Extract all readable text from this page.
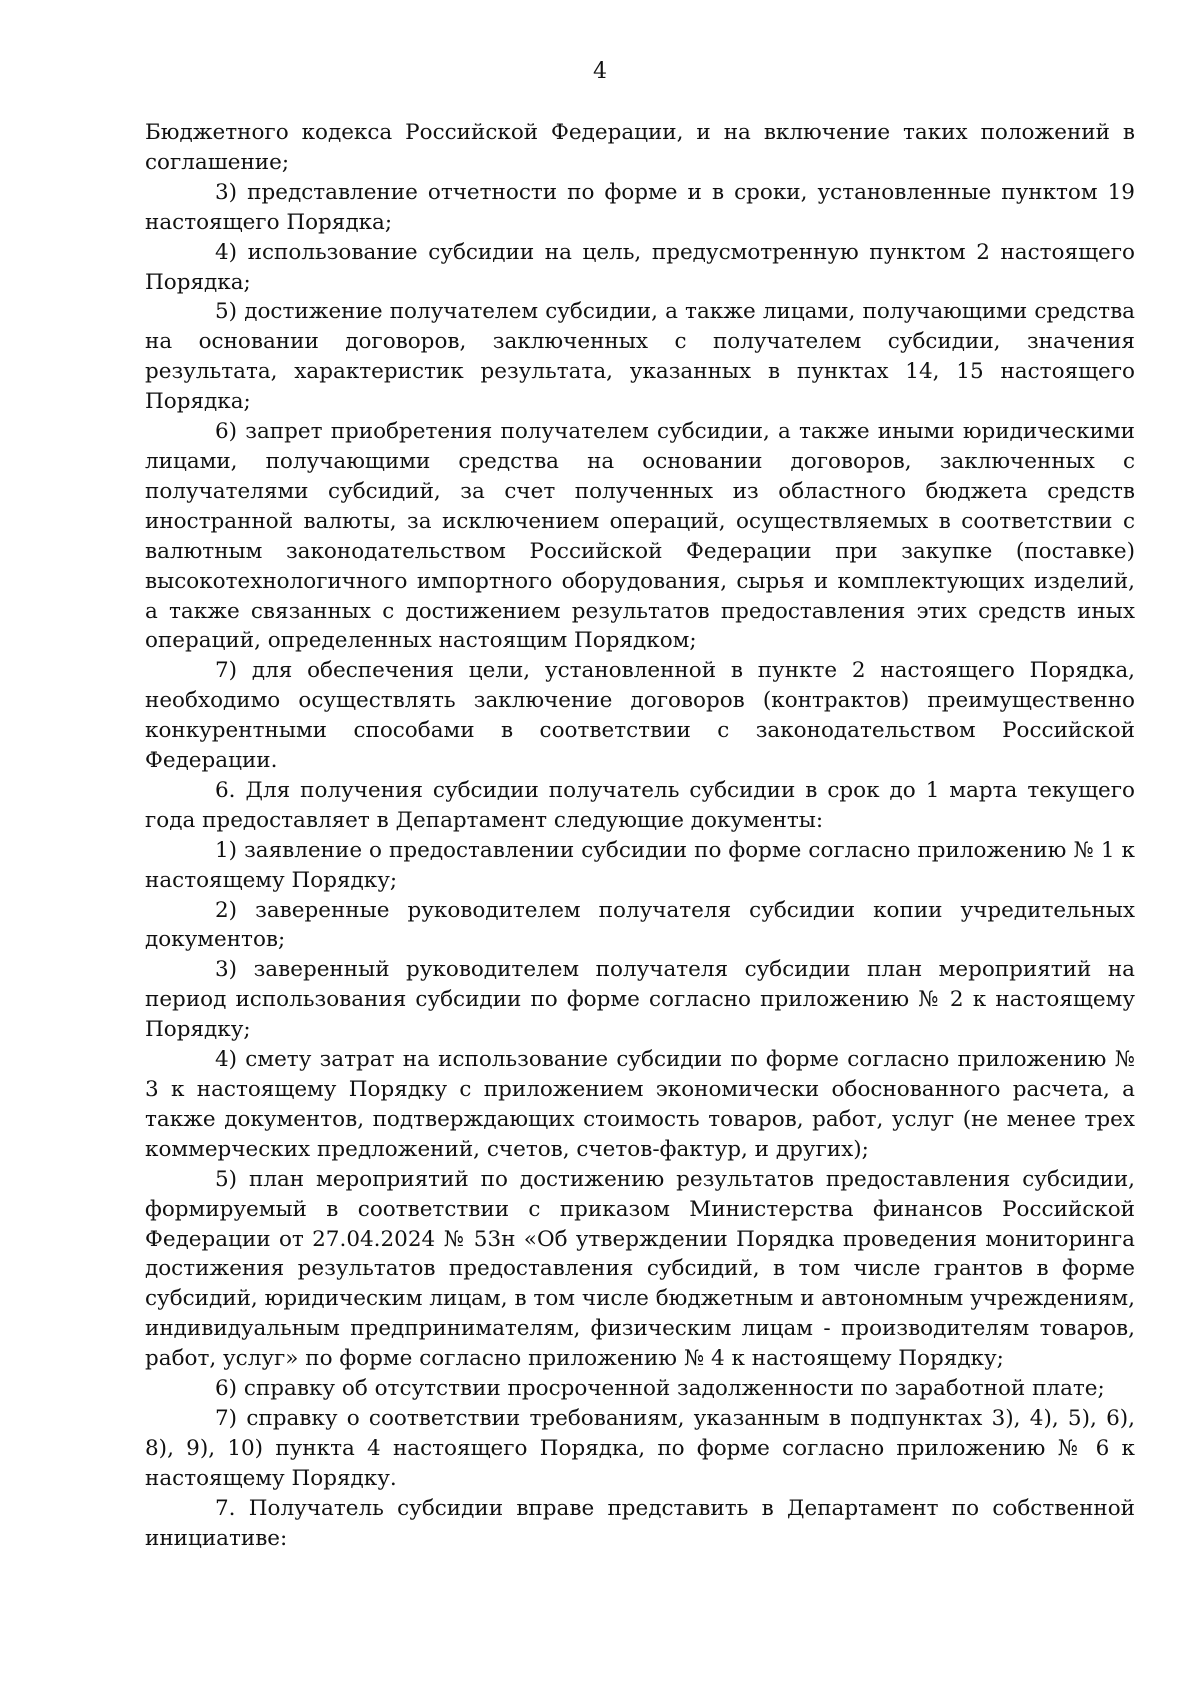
4

Бюджетного кодекса Российской Федерации, и на включение таких положений в соглашение;

3) представление отчетности по форме и в сроки, установленные пунктом 19 настоящего Порядка;

4) использование субсидии на цель, предусмотренную пунктом 2 настоящего Порядка;

5) достижение получателем субсидии, а также лицами, получающими средства на основании договоров, заключенных с получателем субсидии, значения результата, характеристик результата, указанных в пунктах 14, 15 настоящего Порядка;

6) запрет приобретения получателем субсидии, а также иными юридическими лицами, получающими средства на основании договоров, заключенных с получателями субсидий, за счет полученных из областного бюджета средств иностранной валюты, за исключением операций, осуществляемых в соответствии с валютным законодательством Российской Федерации при закупке (поставке) высокотехнологичного импортного оборудования, сырья и комплектующих изделий, а также связанных с достижением результатов предоставления этих средств иных операций, определенных настоящим Порядком;

7) для обеспечения цели, установленной в пункте 2 настоящего Порядка, необходимо осуществлять заключение договоров (контрактов) преимущественно конкурентными способами в соответствии с законодательством Российской Федерации.

6. Для получения субсидии получатель субсидии в срок до 1 марта текущего года предоставляет в Департамент следующие документы:

1) заявление о предоставлении субсидии по форме согласно приложению № 1 к настоящему Порядку;

2) заверенные руководителем получателя субсидии копии учредительных документов;

3) заверенный руководителем получателя субсидии план мероприятий на период использования субсидии по форме согласно приложению № 2 к настоящему Порядку;

4) смету затрат на использование субсидии по форме согласно приложению № 3 к настоящему Порядку с приложением экономически обоснованного расчета, а также документов, подтверждающих стоимость товаров, работ, услуг (не менее трех коммерческих предложений, счетов, счетов-фактур, и других);

5) план мероприятий по достижению результатов предоставления субсидии, формируемый в соответствии с приказом Министерства финансов Российской Федерации от 27.04.2024 № 53н «Об утверждении Порядка проведения мониторинга достижения результатов предоставления субсидий, в том числе грантов в форме субсидий, юридическим лицам, в том числе бюджетным и автономным учреждениям, индивидуальным предпринимателям, физическим лицам - производителям товаров, работ, услуг» по форме согласно приложению № 4 к настоящему Порядку;

6) справку об отсутствии просроченной задолженности по заработной плате;

7) справку о соответствии требованиям, указанным в подпунктах 3), 4), 5), 6), 8), 9), 10) пункта 4 настоящего Порядка, по форме согласно приложению № 6 к настоящему Порядку.

7. Получатель субсидии вправе представить в Департамент по собственной инициативе:
